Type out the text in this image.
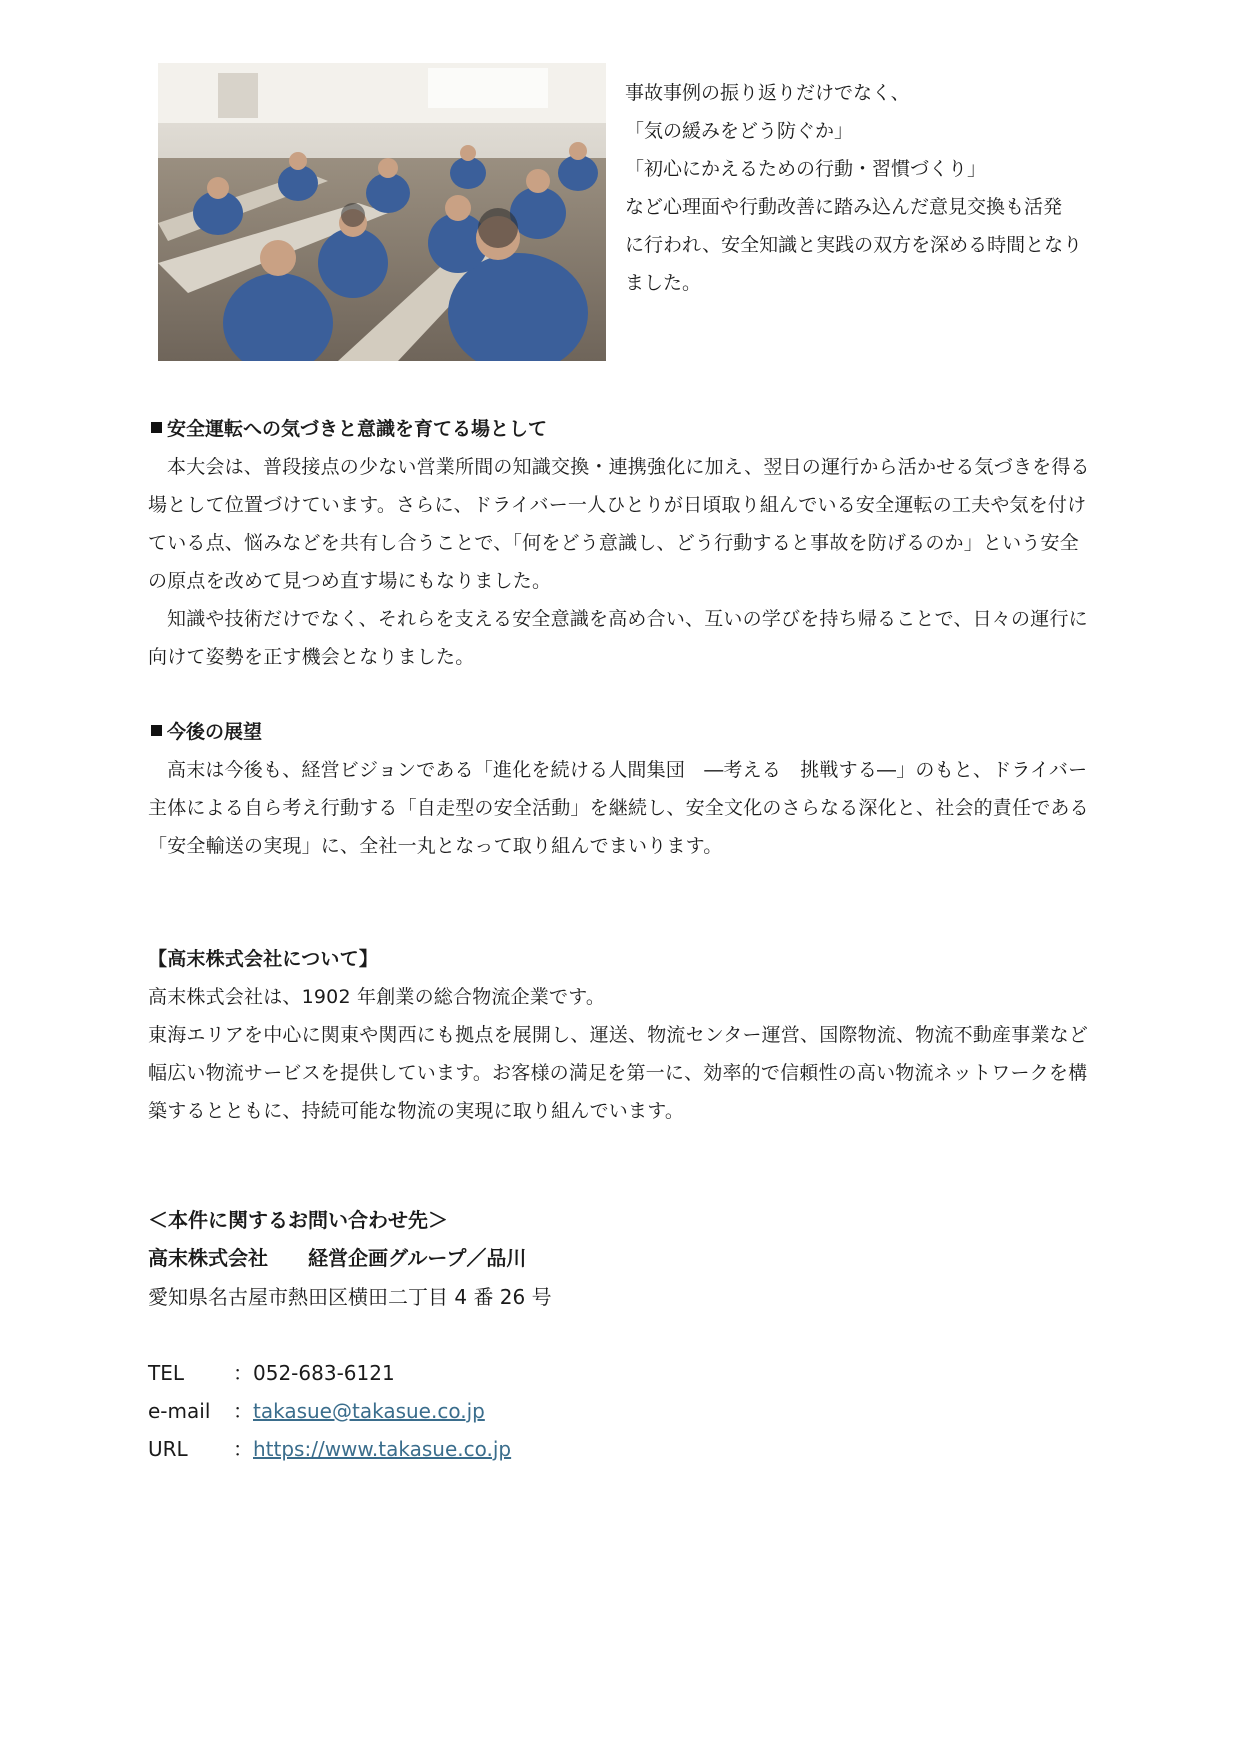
事故事例の振り返りだけでなく、

「気の緩みをどう防ぐか」

「初心にかえるための行動・習慣づくり」

など心理面や行動改善に踏み込んだ意見交換も活発

に行われ、安全知識と実践の双方を深める時間となり

ました。

安全運転への気づきと意識を育てる場として

本大会は、普段接点の少ない営業所間の知識交換・連携強化に加え、翌日の運行から活かせる気づきを得る場として位置づけています。さらに、ドライバー一人ひとりが日頃取り組んでいる安全運転の工夫や気を付けている点、悩みなどを共有し合うことで、「何をどう意識し、どう行動すると事故を防げるのか」という安全の原点を改めて見つめ直す場にもなりました。

知識や技術だけでなく、それらを支える安全意識を高め合い、互いの学びを持ち帰ることで、日々の運行に向けて姿勢を正す機会となりました。

今後の展望

高末は今後も、経営ビジョンである「進化を続ける人間集団　―考える　挑戦する―」のもと、ドライバー主体による自ら考え行動する「自走型の安全活動」を継続し、安全文化のさらなる深化と、社会的責任である「安全輸送の実現」に、全社一丸となって取り組んでまいります。

【高末株式会社について】

高末株式会社は、1902 年創業の総合物流企業です。

東海エリアを中心に関東や関西にも拠点を展開し、運送、物流センター運営、国際物流、物流不動産事業など幅広い物流サービスを提供しています。お客様の満足を第一に、効率的で信頼性の高い物流ネットワークを構築するとともに、持続可能な物流の実現に取り組んでいます。

＜本件に関するお問い合わせ先＞
高末株式会社　　経営企画グループ／品川
愛知県名古屋市熱田区横田二丁目 4 番 26 号
TEL ：052-683-6121
e-mail ：takasue@takasue.co.jp
URL ：https://www.takasue.co.jp
